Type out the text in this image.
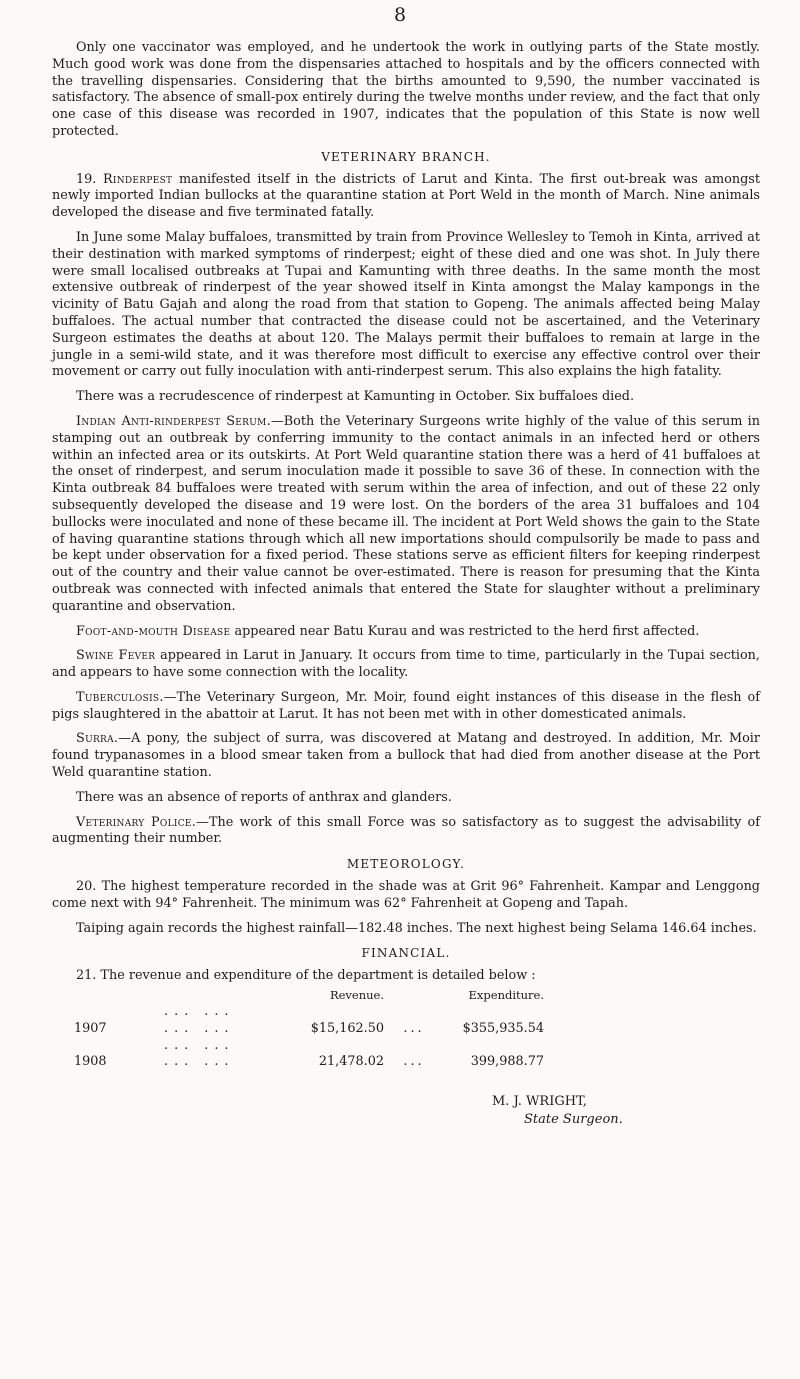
8

Only one vaccinator was employed, and he undertook the work in outlying parts of the State mostly. Much good work was done from the dispensaries attached to hospitals and by the officers connected with the travelling dispensaries. Considering that the births amounted to 9,590, the number vaccinated is satisfactory. The absence of small-pox entirely during the twelve months under review, and the fact that only one case of this disease was recorded in 1907, indicates that the population of this State is now well protected.

VETERINARY BRANCH.

19. Rinderpest manifested itself in the districts of Larut and Kinta. The first out-break was amongst newly imported Indian bullocks at the quarantine station at Port Weld in the month of March. Nine animals developed the disease and five terminated fatally.

In June some Malay buffaloes, transmitted by train from Province Wellesley to Temoh in Kinta, arrived at their destination with marked symptoms of rinderpest; eight of these died and one was shot. In July there were small localised outbreaks at Tupai and Kamunting with three deaths. In the same month the most extensive outbreak of rinderpest of the year showed itself in Kinta amongst the Malay kampongs in the vicinity of Batu Gajah and along the road from that station to Gopeng. The animals affected being Malay buffaloes. The actual number that contracted the disease could not be ascertained, and the Veterinary Surgeon estimates the deaths at about 120. The Malays permit their buffaloes to remain at large in the jungle in a semi-wild state, and it was therefore most difficult to exercise any effective control over their movement or carry out fully inoculation with anti-rinderpest serum. This also explains the high fatality.

There was a recrudescence of rinderpest at Kamunting in October. Six buffaloes died.

Indian Anti-rinderpest Serum.—Both the Veterinary Surgeons write highly of the value of this serum in stamping out an outbreak by conferring immunity to the contact animals in an infected herd or others within an infected area or its outskirts. At Port Weld quarantine station there was a herd of 41 buffaloes at the onset of rinderpest, and serum inoculation made it possible to save 36 of these. In connection with the Kinta outbreak 84 buffaloes were treated with serum within the area of infection, and out of these 22 only subsequently developed the disease and 19 were lost. On the borders of the area 31 buffaloes and 104 bullocks were inoculated and none of these became ill. The incident at Port Weld shows the gain to the State of having quarantine stations through which all new importations should compulsorily be made to pass and be kept under observation for a fixed period. These stations serve as efficient filters for keeping rinderpest out of the country and their value cannot be over-estimated. There is reason for presuming that the Kinta outbreak was connected with infected animals that entered the State for slaughter without a preliminary quarantine and observation.

Foot-and-mouth Disease appeared near Batu Kurau and was restricted to the herd first affected.

Swine Fever appeared in Larut in January. It occurs from time to time, particularly in the Tupai section, and appears to have some connection with the locality.

Tuberculosis.—The Veterinary Surgeon, Mr. Moir, found eight instances of this disease in the flesh of pigs slaughtered in the abattoir at Larut. It has not been met with in other domesticated animals.

Surra.—A pony, the subject of surra, was discovered at Matang and destroyed. In addition, Mr. Moir found trypanasomes in a blood smear taken from a bullock that had died from another disease at the Port Weld quarantine station.

There was an absence of reports of anthrax and glanders.

Veterinary Police.—The work of this small Force was so satisfactory as to suggest the advisability of augmenting their number.

METEOROLOGY.

20. The highest temperature recorded in the shade was at Grit 96° Fahrenheit. Kampar and Lenggong come next with 94° Fahrenheit. The minimum was 62° Fahrenheit at Gopeng and Tapah.

Taiping again records the highest rainfall—182.48 inches. The next highest being Selama 146.64 inches.

FINANCIAL.

21. The revenue and expenditure of the department is detailed below :

		Revenue.		Expenditure.
1907	... ... ... ...	$15,162.50	...	$355,935.54
1908	... ... ... ...	21,478.02	...	399,988.77
M. J. WRIGHT,
State Surgeon.
